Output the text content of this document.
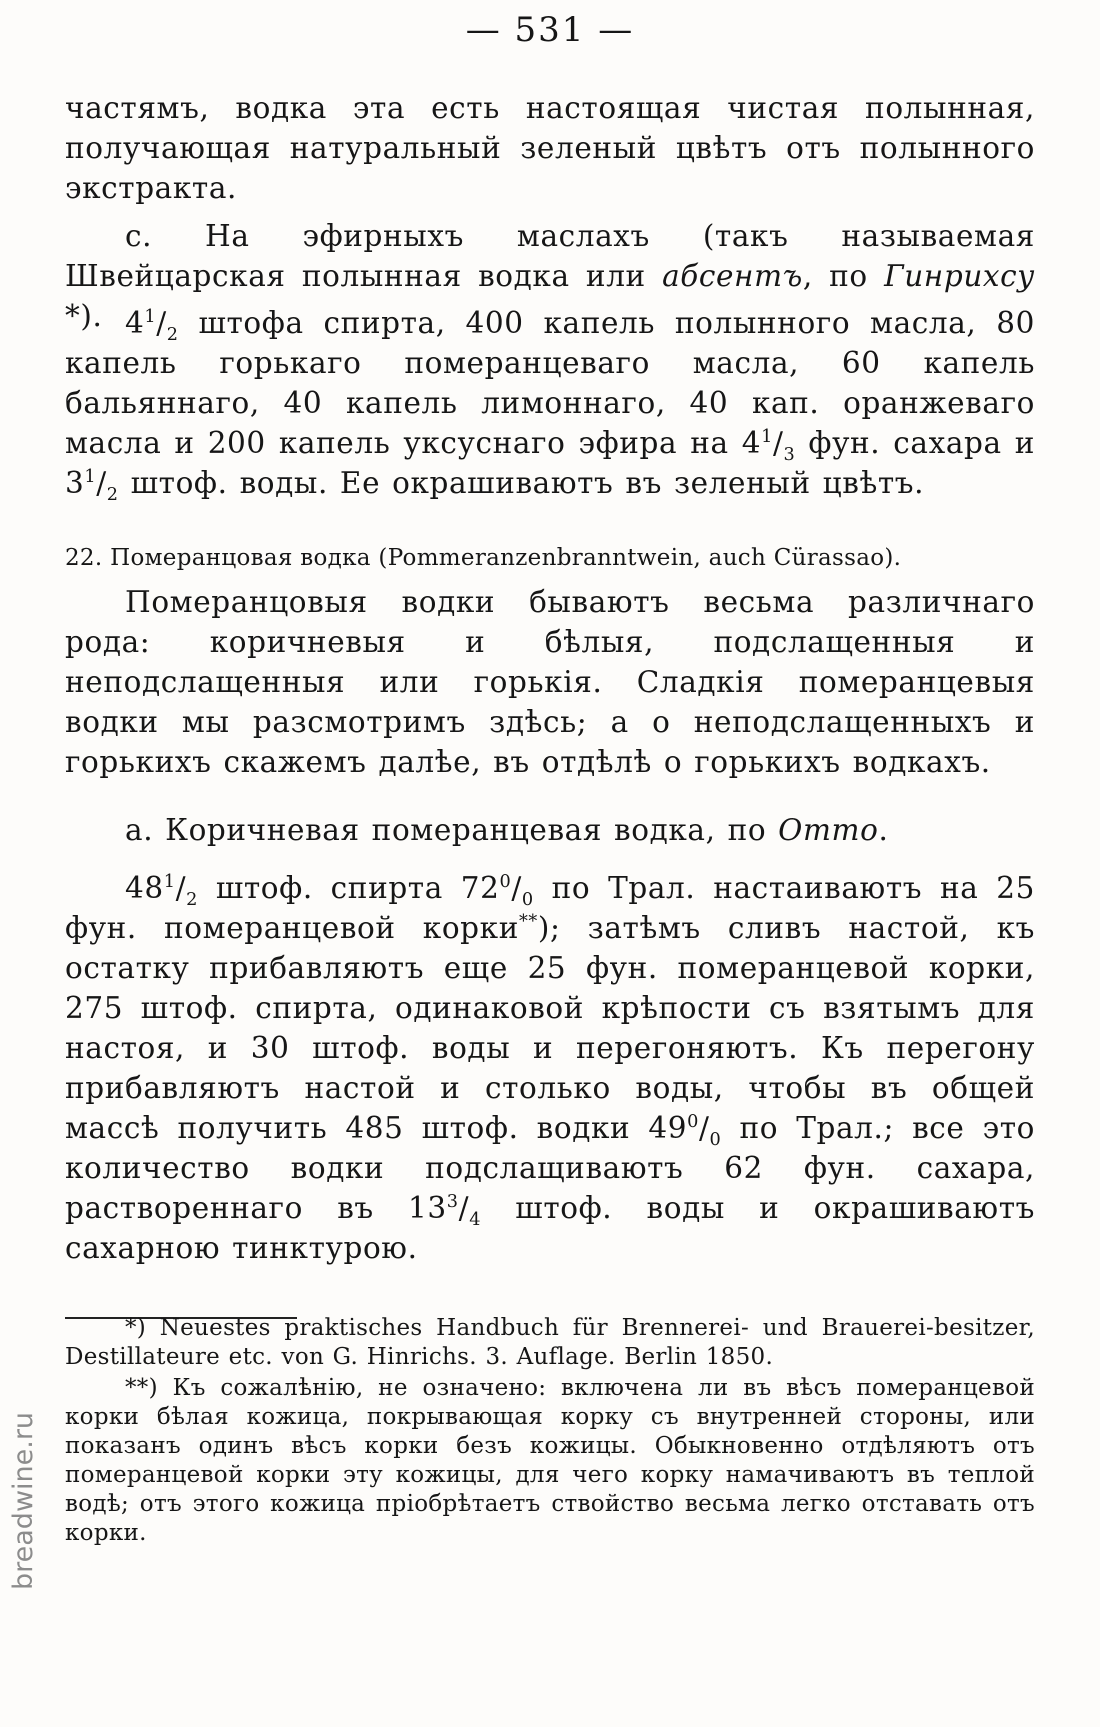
— 531 —

частямъ, водка эта есть настоящая чистая полынная, получающая натуральный зеленый цвѣтъ отъ полынного экстракта.

с. На эфирныхъ маслахъ (такъ называемая Швейцарская полынная водка или абсентъ, по Гинрихсу *). $4^1/_2$ штофа спирта, 400 капель полынного масла, 80 капель горькаго померанцеваго масла, 60 капель бальяннаго, 40 капель лимоннаго, 40 кап. оранжеваго масла и 200 капель уксуснаго эфира на $4^1/_3$ фун. сахара и $3^1/_2$ штоф. воды. Ее окрашиваютъ въ зеленый цвѣтъ.

22. Померанцовая водка (Pommeranzenbranntwein, auch Cürassao).

Померанцовыя водки бываютъ весьма различнаго рода: коричневыя и бѣлыя, подслащенныя и неподслащенныя или горькія. Сладкія померанцевыя водки мы разсмотримъ здѣсь; а о неподслащенныхъ и горькихъ скажемъ далѣе, въ отдѣлѣ о горькихъ водкахъ.

а. Коричневая померанцевая водка, по Отто.

$48^1/_2$ штоф. спирта $72^0/_0$ по Трал. настаиваютъ на 25 фун. померанцевой корки**); затѣмъ сливъ настой, къ остатку прибавляютъ еще 25 фун. померанцевой корки, 275 штоф. спирта, одинаковой крѣпости съ взятымъ для настоя, и 30 штоф. воды и перегоняютъ. Къ перегону прибавляютъ настой и столько воды, чтобы въ общей массѣ получить 485 штоф. водки $49^0/_0$ по Трал.; все это количество водки подслащиваютъ 62 фун. сахара, раствореннаго въ $13^3/_4$ штоф. воды и окрашиваютъ сахарною тинктурою.

*) Neuestes praktisches Handbuch für Brennerei- und Brauerei-besitzer, Destillateure etc. von G. Hinrichs. 3. Auflage. Berlin 1850.

**) Къ сожалѣнію, не означено: включена ли въ вѣсъ померанцевой корки бѣлая кожица, покрывающая корку съ внутренней стороны, или показанъ одинъ вѣсъ корки безъ кожицы. Обыкновенно отдѣляютъ отъ померанцевой корки эту кожицы, для чего корку намачиваютъ въ теплой водѣ; отъ этого кожица пріобрѣтаетъ ствойство весьма легко отставать отъ корки.

breadwine.ru
